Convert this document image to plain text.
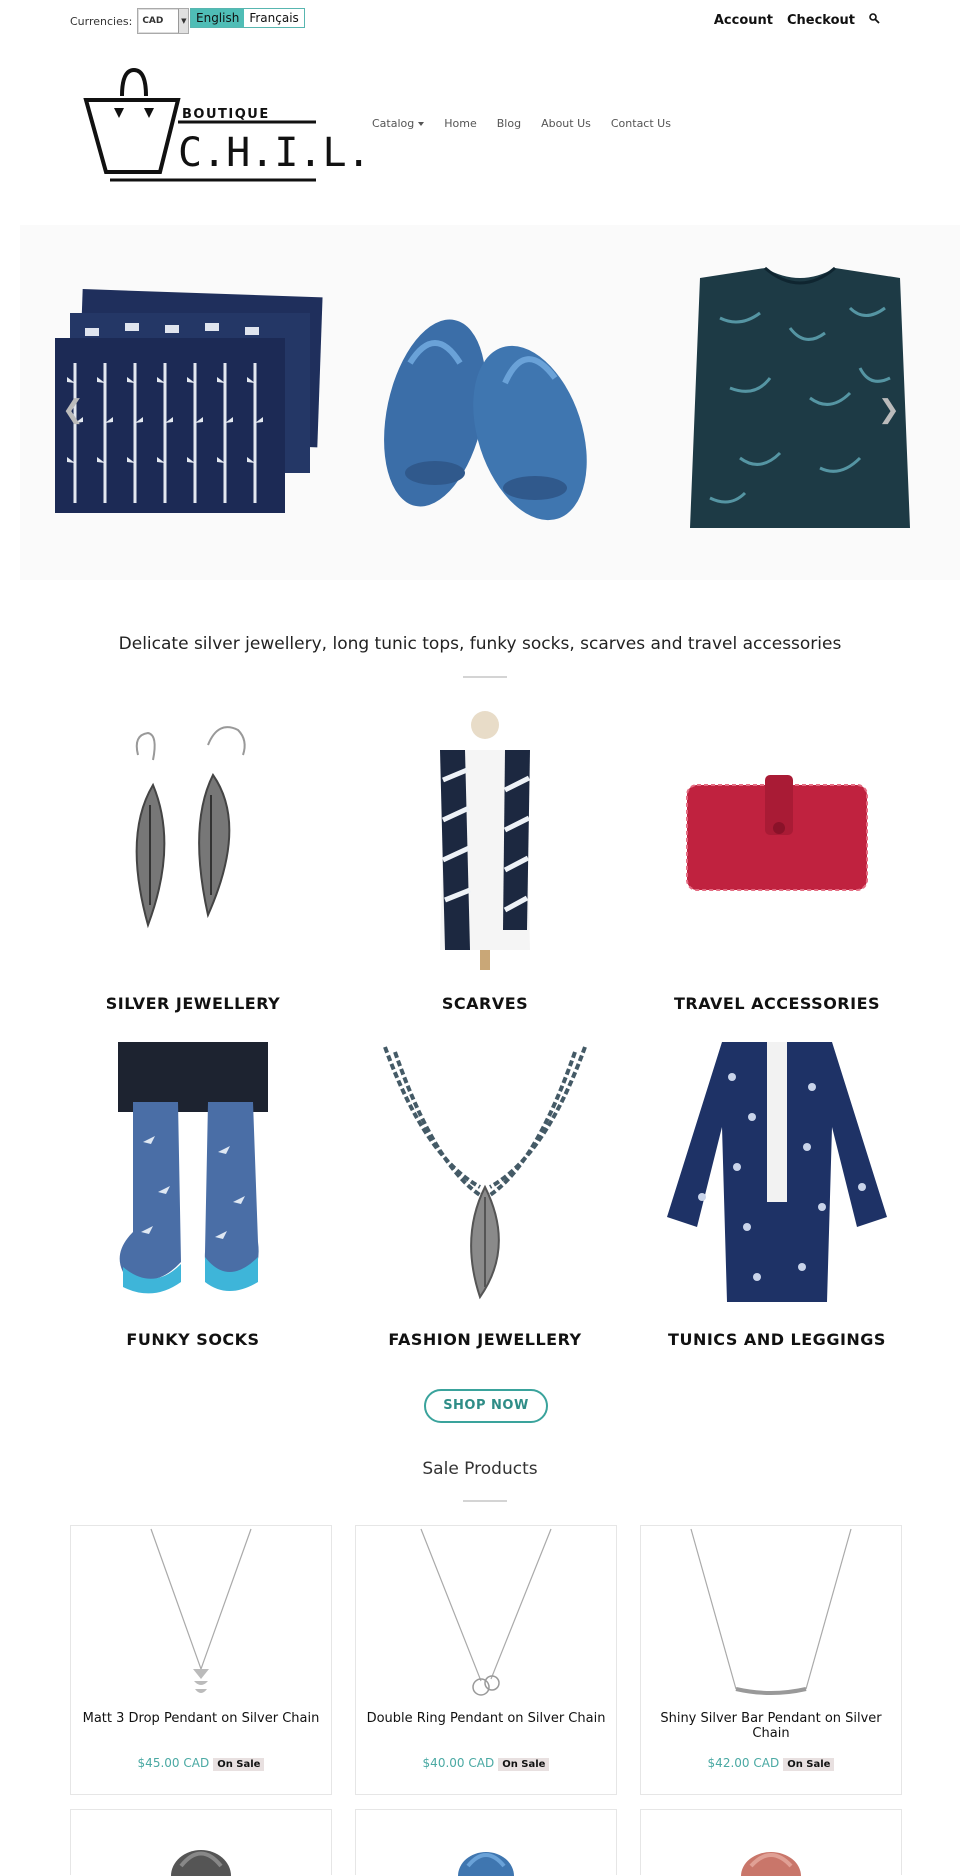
Currencies: CAD	▼ English Français	Account Checkout
BOUTIQUE
C.H.I.L.
Catalog	Home Blog About Us Contact Us
❮	❯
Delicate silver jewellery, long tunic tops, funky socks, scarves and travel accessories
SILVER JEWELLERY	SCARVES	TRAVEL ACCESSORIES
FUNKY SOCKS	FASHION JEWELLERY	TUNICS AND LEGGINGS
SHOP NOW
Sale Products
Matt 3 Drop Pendant on Silver Chain
$45.00 CAD On Sale
Double Ring Pendant on Silver Chain
$40.00 CAD On Sale
Shiny Silver Bar Pendant on Silver Chain
$42.00 CAD On Sale
